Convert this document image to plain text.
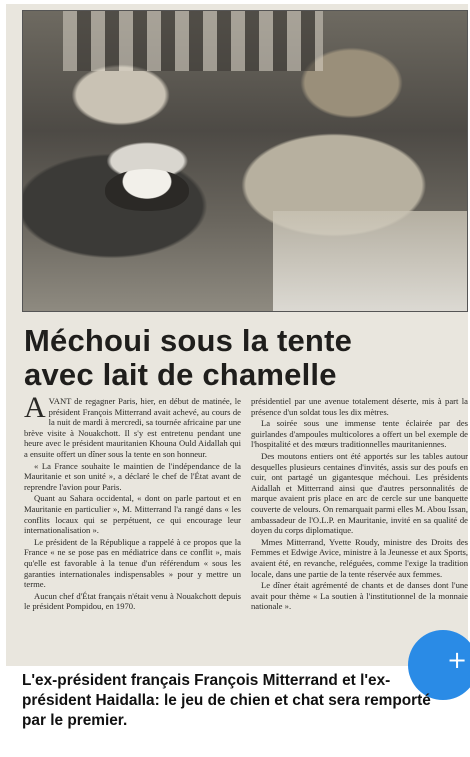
Méchoui sous la tente
avec lait de chamelle

AVANT de regagner Paris, hier, en début de matinée, le président François Mitterrand avait achevé, au cours de la nuit de mardi à mercredi, sa tournée africaine par une brève visite à Nouakchott. Il s'y est entretenu pendant une heure avec le président mauritanien Khouna Ould Aidallah qui a ensuite offert un dîner sous la tente en son honneur.

« La France souhaite le maintien de l'indépendance de la Mauritanie et son unité », a déclaré le chef de l'État avant de reprendre l'avion pour Paris.

Quant au Sahara occidental, « dont on parle partout et en Mauritanie en particulier », M. Mitterrand l'a rangé dans « les conflits locaux qui se perpétuent, ce qui encourage leur internationalisation ».

Le président de la République a rappelé à ce propos que la France « ne se pose pas en médiatrice dans ce conflit », mais qu'elle est favorable à la tenue d'un référendum « sous les garanties internationales indispensables » pour y mettre un terme.

Aucun chef d'État français n'était venu à Nouakchott depuis le président Pompidou, en 1970.

présidentiel par une avenue totalement déserte, mis à part la présence d'un soldat tous les dix mètres.

La soirée sous une immense tente éclairée par des guirlandes d'ampoules multicolores a offert un bel exemple de l'hospitalité et des mœurs traditionnelles mauritaniennes.

Des moutons entiers ont été apportés sur les tables autour desquelles plusieurs centaines d'invités, assis sur des poufs en cuir, ont partagé un gigantesque méchoui. Les présidents Aidallah et Mitterrand ainsi que d'autres personnalités de marque avaient pris place en arc de cercle sur une banquette couverte de velours. On remarquait parmi elles M. Abou Issan, ambassadeur de l'O.L.P. en Mauritanie, invité en sa qualité de doyen du corps diplomatique.

Mmes Mitterrand, Yvette Roudy, ministre des Droits des Femmes et Edwige Avice, ministre à la Jeunesse et aux Sports, avaient été, en revanche, reléguées, comme l'exige la tradition locale, dans une partie de la tente réservée aux femmes.

Le dîner était agrémenté de chants et de danses dont l'une avait pour thème « La soutien à l'institutionnel de la monnaie nationale ».

+
L'ex-président français François Mitterrand et l'ex-président Haidalla: le jeu de chien et chat sera remporté par le premier.
